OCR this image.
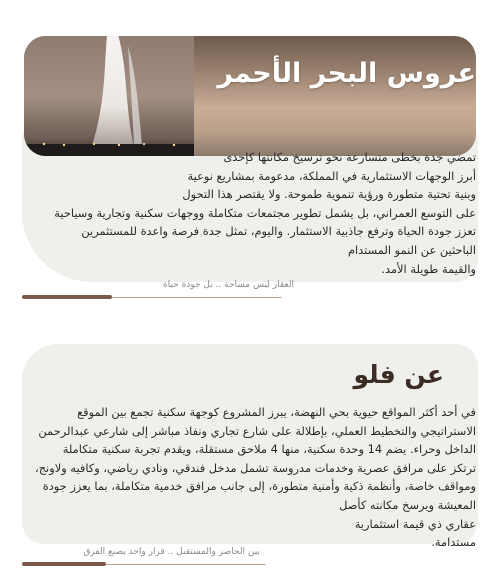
عروس البحر الأحمر
تمضي جدة بخطى متسارعة نحو ترسيخ مكانتها كإحدى
أبرز الوجهات الاستثمارية في المملكة، مدعومة بمشاريع نوعية
وبنية تحتية متطورة ورؤية تنموية طموحة. ولا يقتصر هذا التحول
على التوسع العمراني، بل يشمل تطوير مجتمعات متكاملة ووجهات سكنية وتجارية وسياحية
تعزز جودة الحياة وترفع جاذبية الاستثمار. واليوم، تمثل جدة فرصة واعدة للمستثمرين
الباحثين عن النمو المستدام
والقيمة طويلة الأمد.
العقار ليس مساحة .. بل جودة حياة
عن فلو
في أحد أكثر المواقع حيوية بحي النهضة، يبرز المشروع كوجهة سكنية تجمع بين الموقع
الاستراتيجي والتخطيط العملي، بإطلالة على شارع تجاري ونفاذ مباشر إلى شارعي عبدالرحمن
الداخل وحراء. يضم 14 وحدة سكنية، منها 4 ملاحق مستقلة، ويقدم تجربة سكنية متكاملة
ترتكز على مرافق عصرية وخدمات مدروسة تشمل مدخل فندقي، ونادي رياضي، وكافيه ولاونج،
ومواقف خاصة، وأنظمة ذكية وأمنية متطورة، إلى جانب مرافق خدمية متكاملة، بما يعزز جودة
المعيشة ويرسخ مكانته كأصل
عقاري ذي قيمة استثمارية
مستدامة.
بين الحاضر والمستقبل .. قرار واحد يصنع الفرق
